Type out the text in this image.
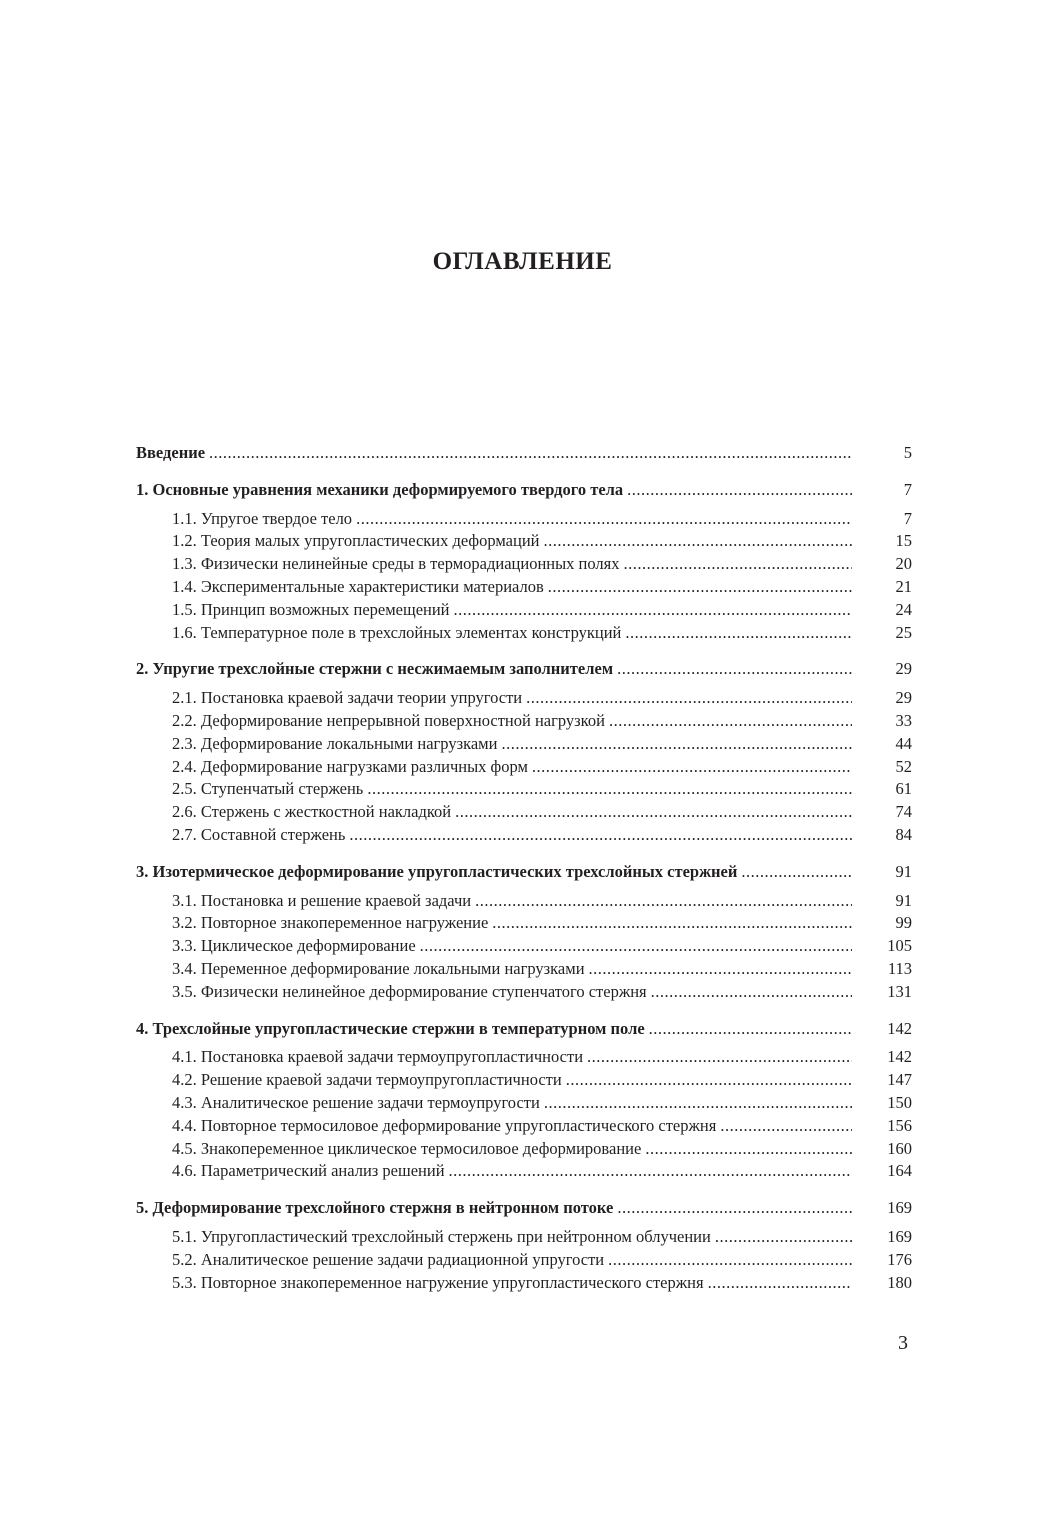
ОГЛАВЛЕНИЕ
Введение .....	5
1. Основные уравнения механики деформируемого твердого тела .....	7
1.1. Упругое твердое тело .....	7
1.2. Теория малых упругопластических деформаций .....	15
1.3. Физически нелинейные среды в терморадиационных полях .....	20
1.4. Экспериментальные характеристики материалов .....	21
1.5. Принцип возможных перемещений .....	24
1.6. Температурное поле в трехслойных элементах конструкций .....	25
2. Упругие трехслойные стержни с несжимаемым заполнителем .....	29
2.1. Постановка краевой задачи теории упругости .....	29
2.2. Деформирование непрерывной поверхностной нагрузкой .....	33
2.3. Деформирование локальными нагрузками .....	44
2.4. Деформирование нагрузками различных форм .....	52
2.5. Ступенчатый стержень .....	61
2.6. Стержень с жесткостной накладкой .....	74
2.7. Составной стержень .....	84
3. Изотермическое деформирование упругопластических трехслойных стержней .....	91
3.1. Постановка и решение краевой задачи .....	91
3.2. Повторное знакопеременное нагружение .....	99
3.3. Циклическое деформирование .....	105
3.4. Переменное деформирование локальными нагрузками .....	113
3.5. Физически нелинейное деформирование ступенчатого стержня .....	131
4. Трехслойные упругопластические стержни в температурном поле .....	142
4.1. Постановка краевой задачи термоупругопластичности .....	142
4.2. Решение краевой задачи термоупругопластичности .....	147
4.3. Аналитическое решение задачи термоупругости .....	150
4.4. Повторное термосиловое деформирование упругопластического стержня .....	156
4.5. Знакопеременное циклическое термосиловое деформирование .....	160
4.6. Параметрический анализ решений .....	164
5. Деформирование трехслойного стержня в нейтронном потоке .....	169
5.1. Упругопластический трехслойный стержень при нейтронном облучении .....	169
5.2. Аналитическое решение задачи радиационной упругости .....	176
5.3. Повторное знакопеременное нагружение упругопластического стержня .....	180
3
